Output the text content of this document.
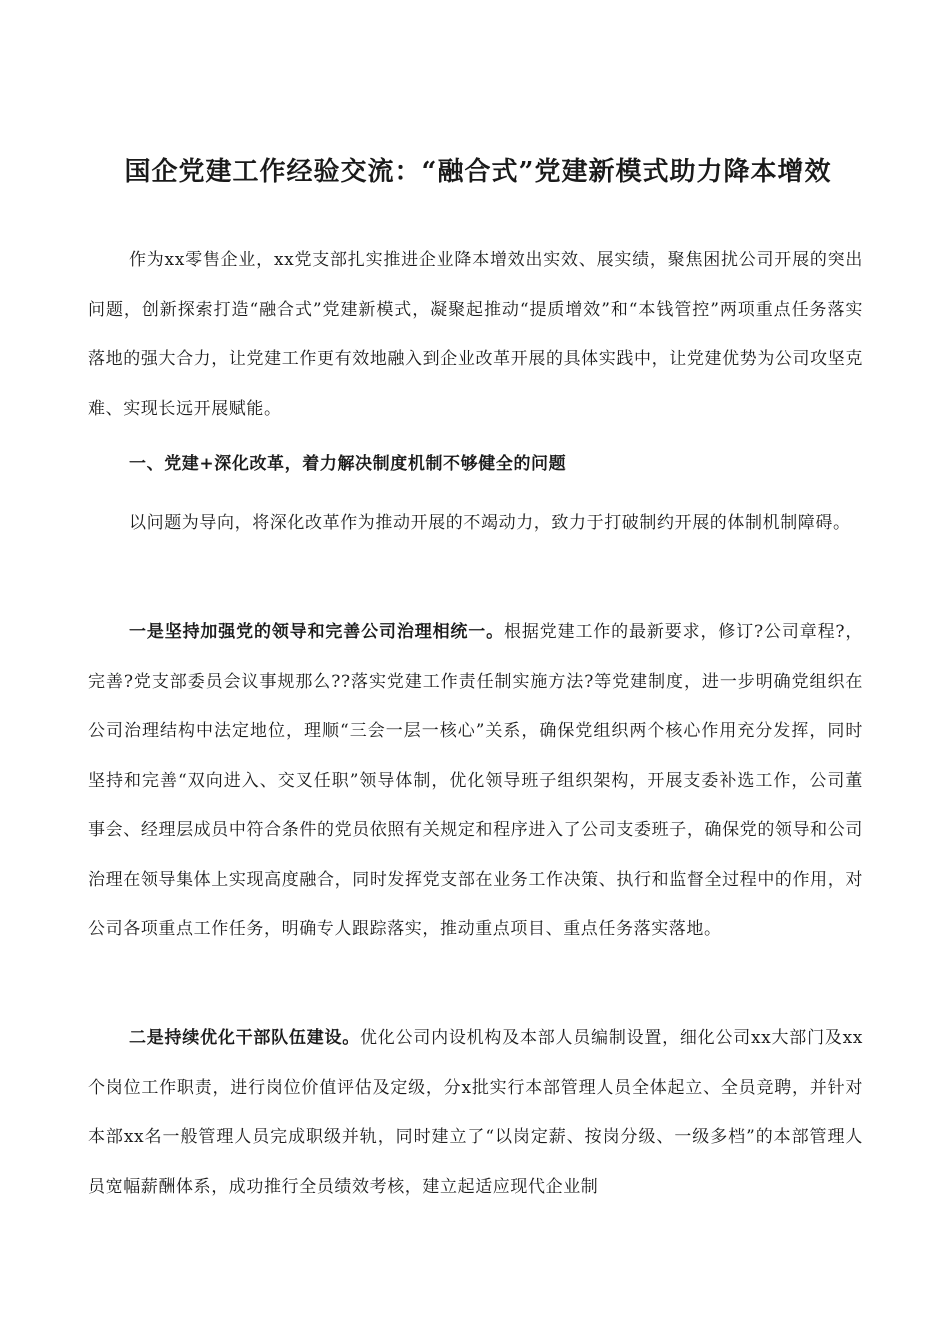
国企党建工作经验交流：“融合式”党建新模式助力降本增效
作为xx零售企业，xx党支部扎实推进企业降本增效出实效、展实绩，聚焦困扰公司开展的突出问题，创新探索打造“融合式”党建新模式，凝聚起推动“提质增效”和“本钱管控”两项重点任务落实落地的强大合力，让党建工作更有效地融入到企业改革开展的具体实践中，让党建优势为公司攻坚克难、实现长远开展赋能。
一、党建+深化改革，着力解决制度机制不够健全的问题
以问题为导向，将深化改革作为推动开展的不竭动力，致力于打破制约开展的体制机制障碍。
一是坚持加强党的领导和完善公司治理相统一。根据党建工作的最新要求，修订?公司章程?，完善?党支部委员会议事规那么??落实党建工作责任制实施方法?等党建制度，进一步明确党组织在公司治理结构中法定地位，理顺“三会一层一核心”关系，确保党组织两个核心作用充分发挥，同时坚持和完善“双向进入、交叉任职”领导体制，优化领导班子组织架构，开展支委补选工作，公司董事会、经理层成员中符合条件的党员依照有关规定和程序进入了公司支委班子，确保党的领导和公司治理在领导集体上实现高度融合，同时发挥党支部在业务工作决策、执行和监督全过程中的作用，对公司各项重点工作任务，明确专人跟踪落实，推动重点项目、重点任务落实落地。
二是持续优化干部队伍建设。优化公司内设机构及本部人员编制设置，细化公司xx大部门及xx个岗位工作职责，进行岗位价值评估及定级，分x批实行本部管理人员全体起立、全员竞聘，并针对本部xx名一般管理人员完成职级并轨，同时建立了“以岗定薪、按岗分级、一级多档”的本部管理人员宽幅薪酬体系，成功推行全员绩效考核，建立起适应现代企业制
